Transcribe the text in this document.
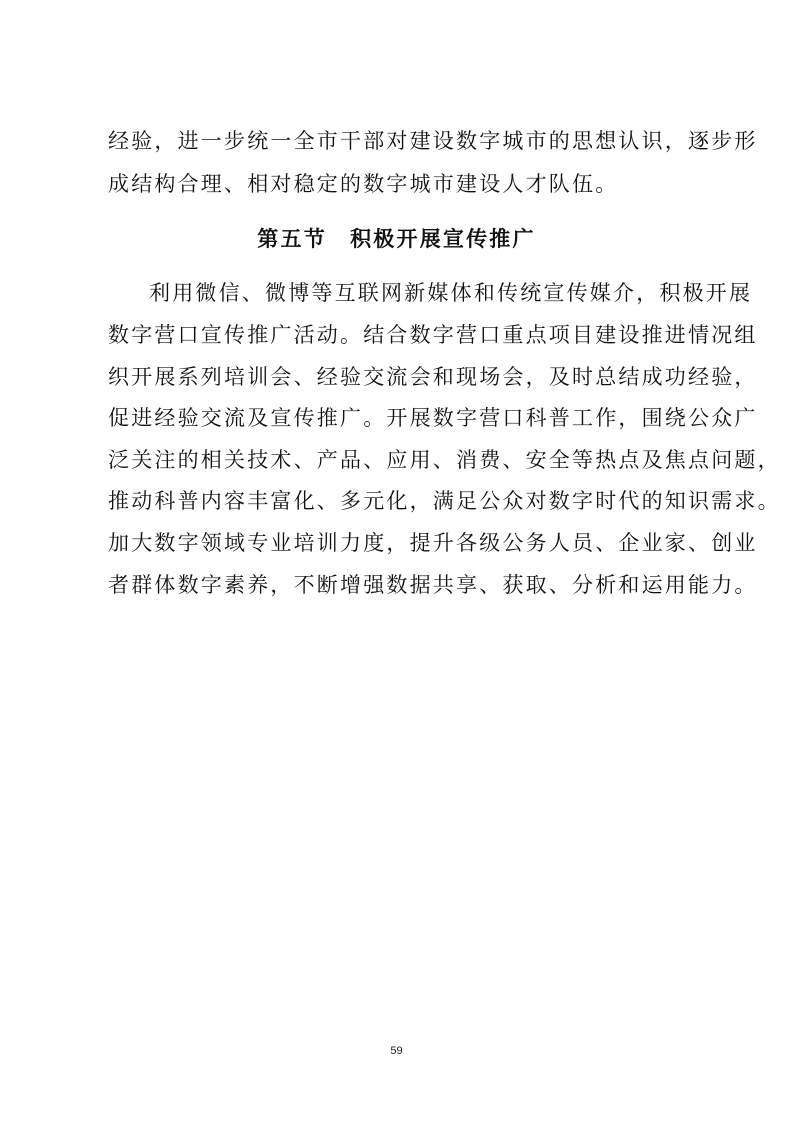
经验，进一步统一全市干部对建设数字城市的思想认识，逐步形

成结构合理、相对稳定的数字城市建设人才队伍。

第五节　积极开展宣传推广

利用微信、微博等互联网新媒体和传统宣传媒介，积极开展

数字营口宣传推广活动。结合数字营口重点项目建设推进情况组

织开展系列培训会、经验交流会和现场会，及时总结成功经验，

促进经验交流及宣传推广。开展数字营口科普工作，围绕公众广

泛关注的相关技术、产品、应用、消费、安全等热点及焦点问题，

推动科普内容丰富化、多元化，满足公众对数字时代的知识需求。

加大数字领域专业培训力度，提升各级公务人员、企业家、创业

者群体数字素养，不断增强数据共享、获取、分析和运用能力。

59
